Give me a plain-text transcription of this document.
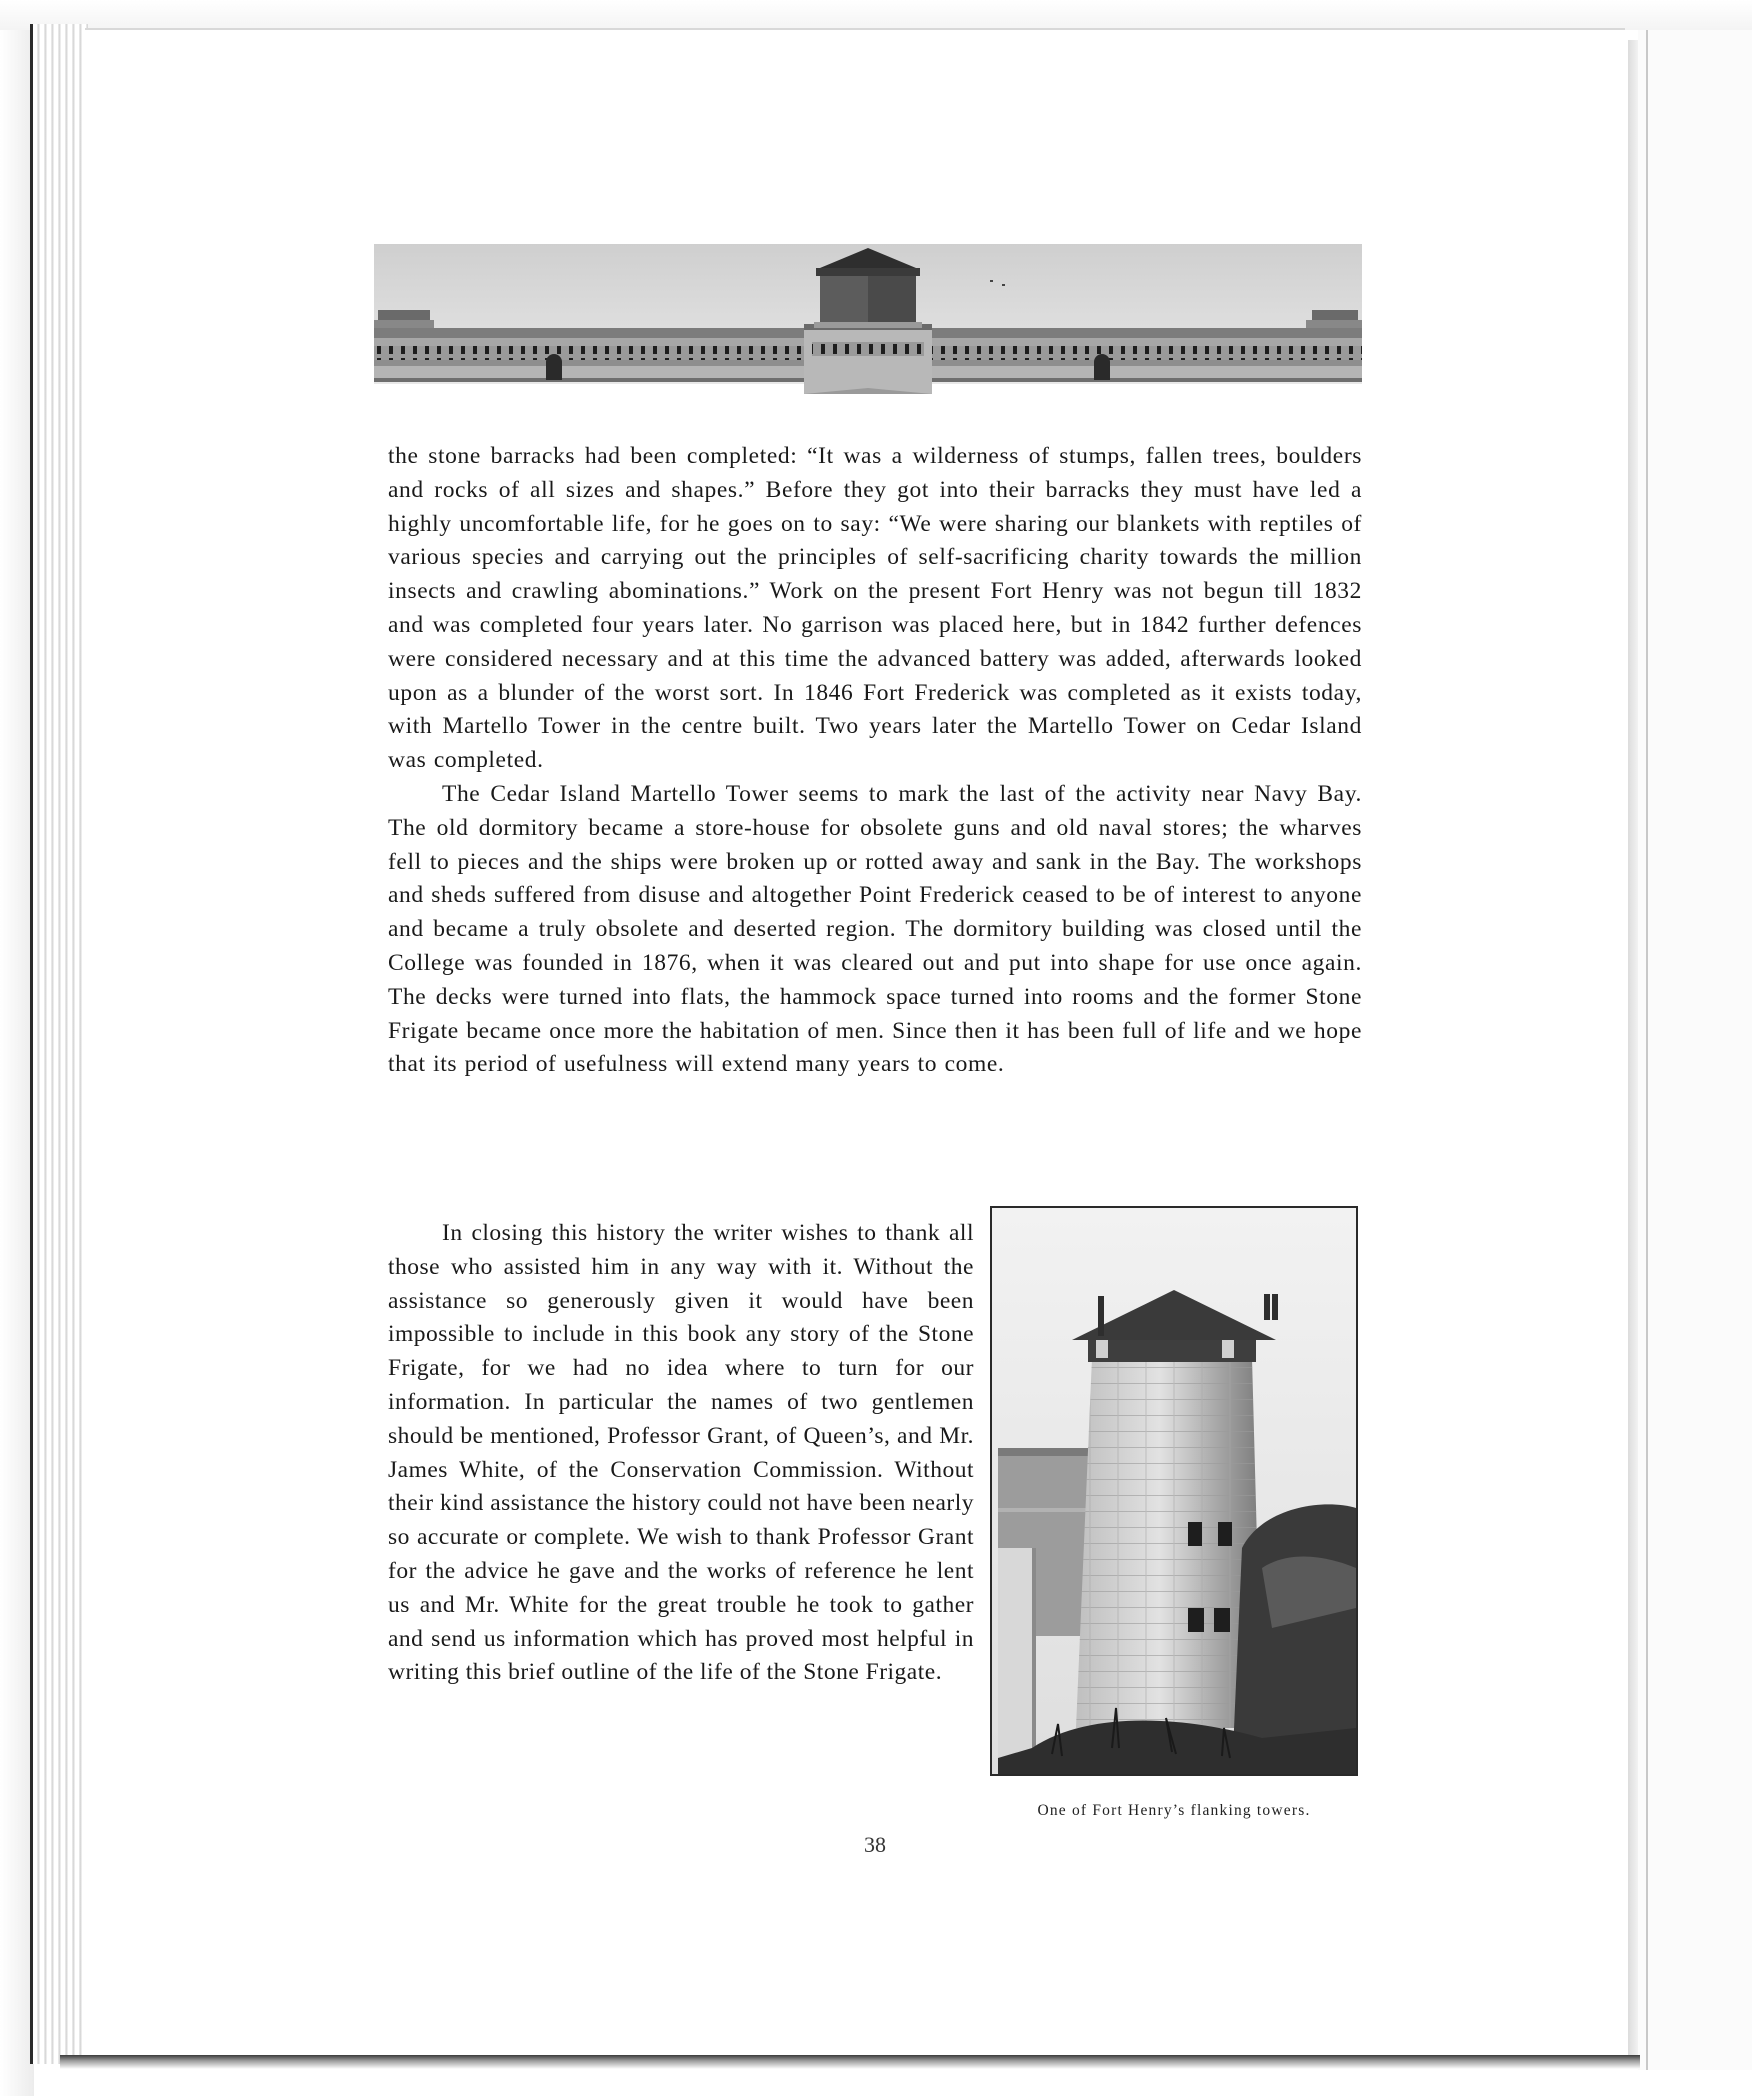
the stone barracks had been completed: “It was a wilderness of stumps, fallen trees, boulders and rocks of all sizes and shapes.” Before they got into their barracks they must have led a highly uncomfortable life, for he goes on to say: “We were sharing our blankets with reptiles of various species and carrying out the principles of self-sacrificing charity towards the million insects and crawling abominations.” Work on the present Fort Henry was not begun till 1832 and was completed four years later. No garrison was placed here, but in 1842 further defences were considered necessary and at this time the advanced battery was added, afterwards looked upon as a blunder of the worst sort. In 1846 Fort Frederick was completed as it exists today, with Martello Tower in the centre built. Two years later the Martello Tower on Cedar Island was completed.

The Cedar Island Martello Tower seems to mark the last of the activity near Navy Bay. The old dormitory became a store-house for obsolete guns and old naval stores; the wharves fell to pieces and the ships were broken up or rotted away and sank in the Bay. The workshops and sheds suffered from disuse and altogether Point Frederick ceased to be of interest to anyone and became a truly obsolete and deserted region. The dormitory building was closed until the College was founded in 1876, when it was cleared out and put into shape for use once again. The decks were turned into flats, the hammock space turned into rooms and the former Stone Frigate became once more the habitation of men. Since then it has been full of life and we hope that its period of usefulness will extend many years to come.

In closing this history the writer wishes to thank all those who assisted him in any way with it. Without the assistance so generously given it would have been impossible to include in this book any story of the Stone Frigate, for we had no idea where to turn for our information. In particular the names of two gentlemen should be mentioned, Professor Grant, of Queen’s, and Mr. James White, of the Conservation Commission. Without their kind assistance the history could not have been nearly so accurate or complete. We wish to thank Professor Grant for the advice he gave and the works of reference he lent us and Mr. White for the great trouble he took to gather and send us information which has proved most helpful in writing this brief outline of the life of the Stone Frigate.

One of Fort Henry’s flanking towers.
38
